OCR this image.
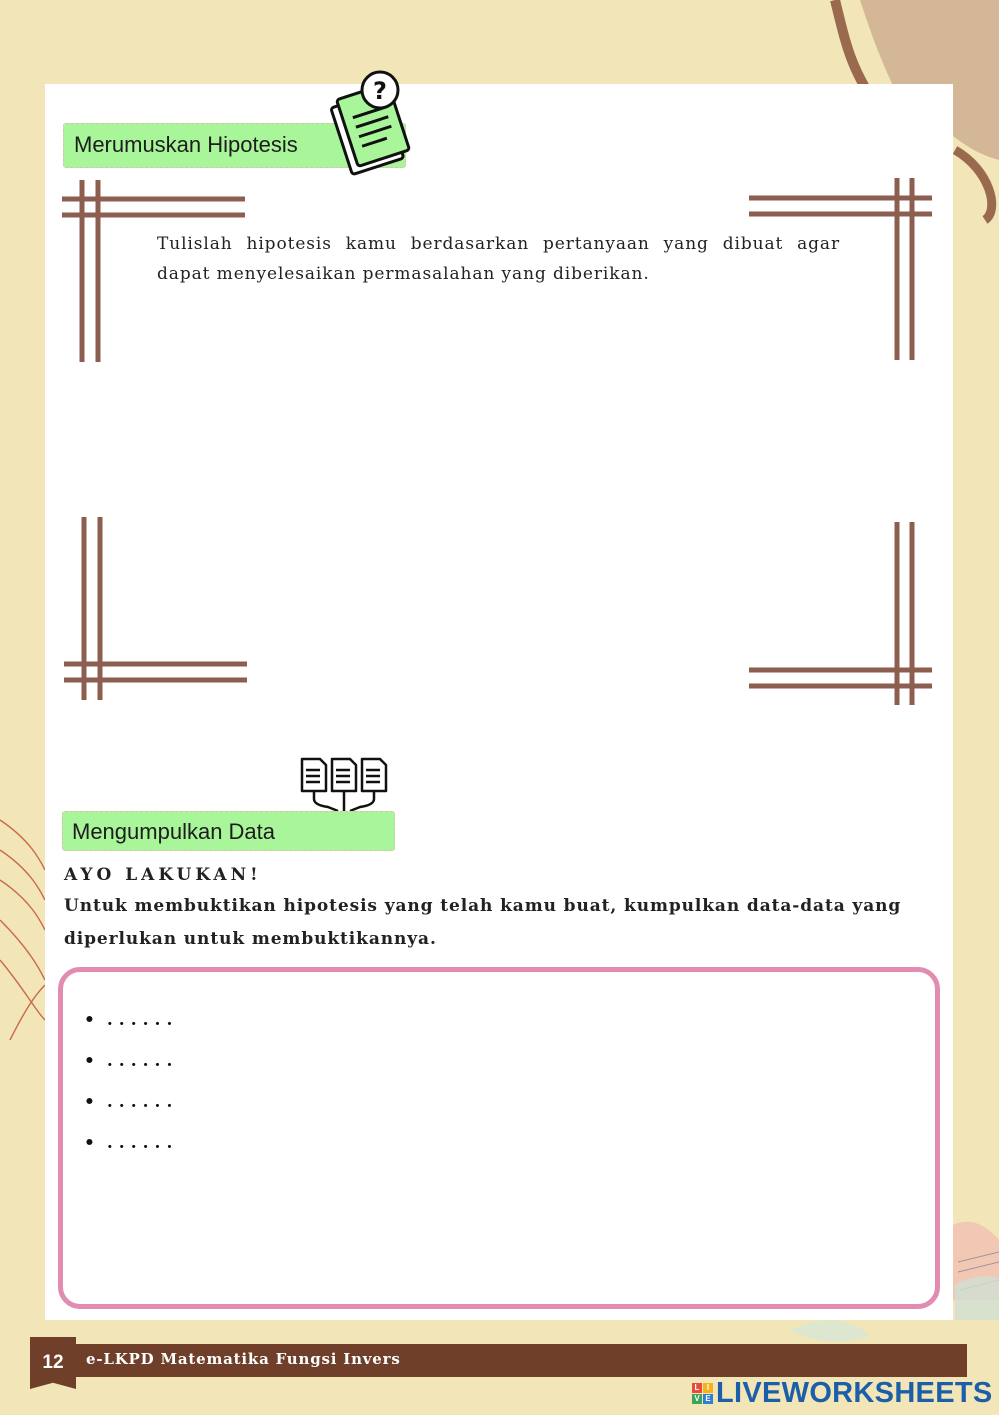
Merumuskan Hipotesis
?
Tulislah hipotesis kamu berdasarkan pertanyaan yang dibuat agar dapat menyelesaikan permasalahan yang diberikan.
Mengumpulkan Data
AYO LAKUKAN!
Untuk membuktikan hipotesis yang telah kamu buat, kumpulkan data-data yang diperlukan untuk membuktikannya.
• ......
• ......
• ......
• ......
12	e-LKPD Matematika Fungsi Invers
L I
V E LIVEWORKSHEETS
